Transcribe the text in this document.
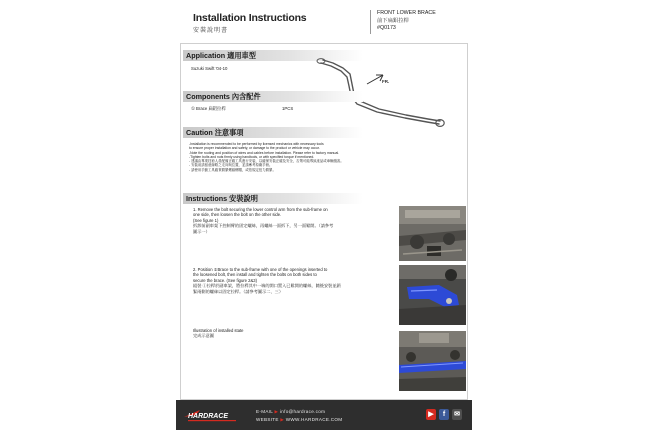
Installation Instructions
安裝說明書
FRONT LOWER BRACE
前下扁鋁拉桿
#Q0173
Application 適用車型
Suzuki Swift '04-10
FR.
Components 內含配件
① Brace 扁鋁拉桿	1PCS
Caution 注意事項
-Installation is recommended to be performed by licensed mechanics with necessary tools
to ensure proper installation and safety, or damage to the product or vehicle may occur.
-Note the routing and position of wires and cables before installation. Please refer to factory manual.
-Tighten bolts and nuts firmly using handtools, or with specified torque if mentioned.
- 建議由專業技術人員配備正確工具進行安裝，以確保安裝正確及安全，否則可能導致產品或車輛損害。
- 安裝前請留意線路之走向與位置，並請參考原廠手冊。
- 請使用手動工具確實鎖緊螺絲螺帽，或依規定扭力鎖緊。
Instructions 安裝說明
1. Remove the bolt securing the lower control arm from the sub-frame on
one side, then loosen the bolt on the other side.
(See figure 1)
拆卸前副車架下控制臂的固定螺絲，再螺絲一面拆下，另一面鬆開。（請參考
圖示一）
2. Position ①Brace to the sub-frame with one of the openings inserted to
the loosened bolt, then install and tighten the bolts on both sides to
secure the brace. (See figure 2&3)
組裝 ①拉桿於副車架，將拉桿其中一端的開口置入已鬆開的螺絲，隨後安裝並鎖
緊兩側的螺絲以固定拉桿。（請參考圖示二、三）
Illustration of installed state
完成示意圖
HARDRACE
E-MAIL ▶ info@hardrace.com
WEBSITE ▶ WWW.HARDRACE.COM
▶	f	✉
